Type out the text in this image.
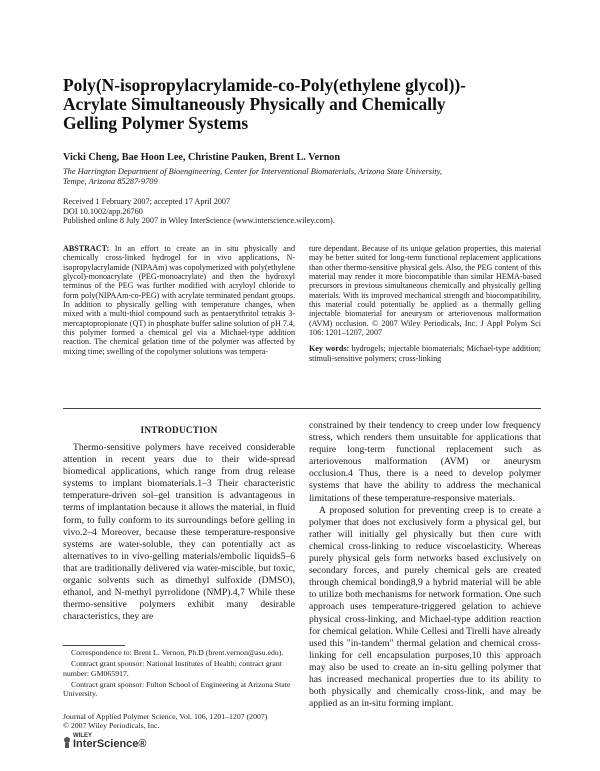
Poly(N-isopropylacrylamide-co-Poly(ethylene glycol))-
Acrylate Simultaneously Physically and Chemically
Gelling Polymer Systems
Vicki Cheng, Bae Hoon Lee, Christine Pauken, Brent L. Vernon
The Harrington Department of Bioengineering, Center for Interventional Biomaterials, Arizona State University,
Tempe, Arizona 85287-9709
Received 1 February 2007; accepted 17 April 2007
DOI 10.1002/app.26760
Published online 8 July 2007 in Wiley InterScience (www.interscience.wiley.com).
ABSTRACT: In an effort to create an in situ physically and chemically cross-linked hydrogel for in vivo applications, N-isopropylacrylamide (NIPAAm) was copolymerized with poly(ethylene glycol)-monoacrylate (PEG-monoacrylate) and then the hydroxyl terminus of the PEG was further modified with acryloyl chloride to form poly(NIPAAm-co-PEG) with acrylate terminated pendant groups. In addition to physically gelling with temperature changes, when mixed with a multi-thiol compound such as pentaerythritol tetrakis 3-mercaptopropionate (QT) in phosphate buffer saline solution of pH 7.4, this polymer formed a chemical gel via a Michael-type addition reaction. The chemical gelation time of the polymer was affected by mixing time; swelling of the copolymer solutions was tempera-
ture dependant. Because of its unique gelation properties, this material may be better suited for long-term functional replacement applications than other thermo-sensitive physical gels. Also, the PEG content of this material may render it more biocompatible than similar HEMA-based precursors in previous simultaneous chemically and physically gelling materials. With its improved mechanical strength and biocompatibility, this material could potentially be applied as a thermally gelling injectable biomaterial for aneurysm or arteriovenous malformation (AVM) occlusion. © 2007 Wiley Periodicals, Inc. J Appl Polym Sci 106: 1201–1207, 2007
Key words: hydrogels; injectable biomaterials; Michael-type addition; stimuli-sensitive polymers; cross-linking
INTRODUCTION

Thermo-sensitive polymers have received considerable attention in recent years due to their wide-spread biomedical applications, which range from drug release systems to implant biomaterials.1–3 Their characteristic temperature-driven sol–gel transition is advantageous in terms of implantation because it allows the material, in fluid form, to fully conform to its surroundings before gelling in vivo.2–4 Moreover, because these temperature-responsive systems are water-soluble, they can potentially act as alternatives to in vivo-gelling materials/embolic liquids5–6 that are traditionally delivered via water-miscible, but toxic, organic solvents such as dimethyl sulfoxide (DMSO), ethanol, and N-methyl pyrrolidone (NMP).4,7 While these thermo-sensitive polymers exhibit many desirable characteristics, they are

constrained by their tendency to creep under low frequency stress, which renders them unsuitable for applications that require long-term functional replacement such as arteriovenous malformation (AVM) or aneurysm occlusion.4 Thus, there is a need to develop polymer systems that have the ability to address the mechanical limitations of these temperature-responsive materials.

A proposed solution for preventing creep is to create a polymer that does not exclusively form a physical gel, but rather will initially gel physically but then cure with chemical cross-linking to reduce viscoelasticity. Whereas purely physical gels form networks based exclusively on secondary forces, and purely chemical gels are created through chemical bonding8,9 a hybrid material will be able to utilize both mechanisms for network formation. One such approach uses temperature-triggered gelation to achieve physical cross-linking, and Michael-type addition reaction for chemical gelation. While Cellesi and Tirelli have already used this "in-tandem" thermal gelation and chemical cross-linking for cell encapsulation purposes,10 this approach may also be used to create an in-situ gelling polymer that has increased mechanical properties due to its ability to both physically and chemically cross-link, and may be applied as an in-situ forming implant.

Correspondence to: Brent L. Vernon, Ph.D (brent.vernon@asu.edu).

Contract grant sponsor: National Institutes of Health; contract grant number: GM065917.

Contract grant sponsor: Fulton School of Engineering at Arizona State University.

Journal of Applied Polymer Science, Vol. 106, 1201–1207 (2007)
© 2007 Wiley Periodicals, Inc.
WILEY
InterScience®
